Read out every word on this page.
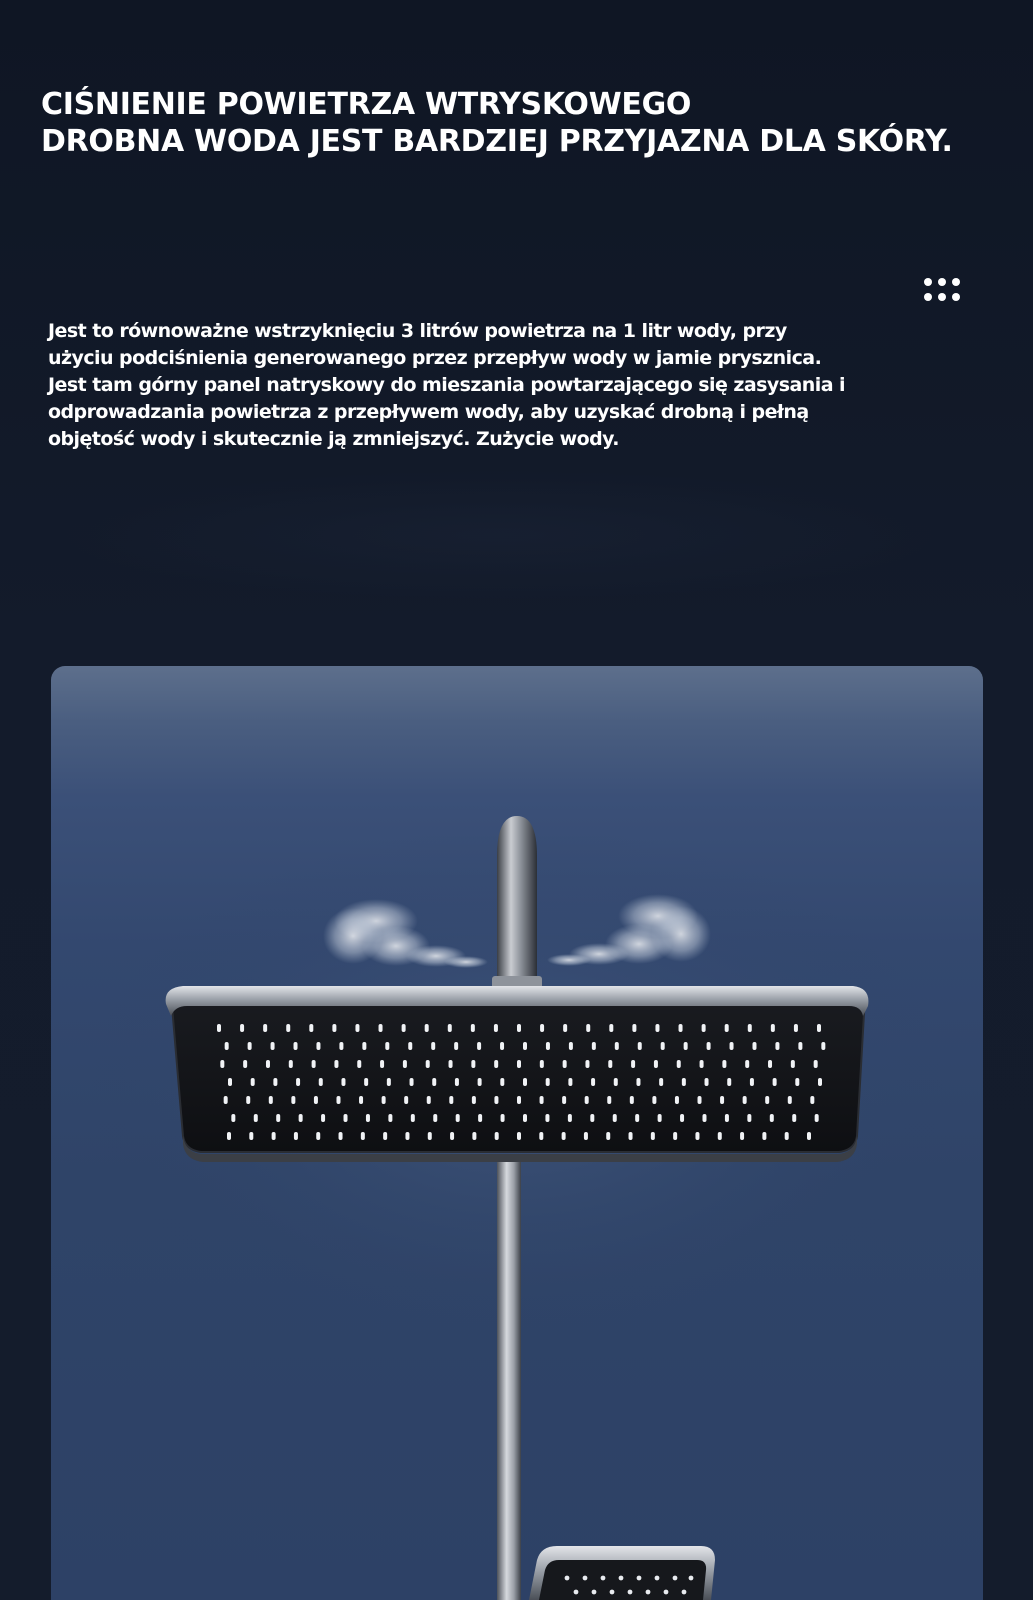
CIŚNIENIE POWIETRZA WTRYSKOWEGO
DROBNA WODA JEST BARDZIEJ PRZYJAZNA DLA SKÓRY.

Jest to równoważne wstrzyknięciu 3 litrów powietrza na 1 litr wody, przy
użyciu podciśnienia generowanego przez przepływ wody w jamie prysznica.
Jest tam górny panel natryskowy do mieszania powtarzającego się zasysania i
odprowadzania powietrza z przepływem wody, aby uzyskać drobną i pełną
objętość wody i skutecznie ją zmniejszyć. Zużycie wody.
